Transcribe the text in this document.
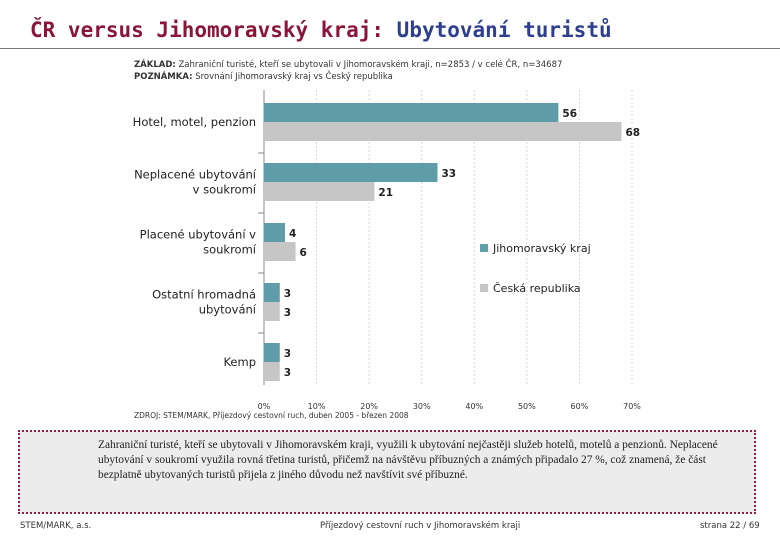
ČR versus Jihomoravský kraj: Ubytování turistů
ZÁKLAD: Zahraniční turisté, kteří se ubytovali v Jihomoravském kraji, n=2853 / v celé ČR, n=34687
POZNÁMKA: Srovnání Jihomoravský kraj vs Český republika
0%	10%	20%	30%	40%	50%	60%	70%
56
68
Hotel, motel, penzion
33
21
Neplacené ubytování
v soukromí
4
6
Placené ubytování v
soukromí
3
3
Ostatní hromadná
ubytování
3
3
Kemp
Jihomoravský kraj
Česká republika
ZDROJ: STEM/MARK, Příjezdový cestovní ruch, duben 2005 - březen 2008
Zahraniční turisté, kteří se ubytovali v Jihomoravském kraji, využili k ubytování nejčastěji služeb hotelů, motelů a penzionů. Neplacené ubytování v soukromí využila rovná třetina turistů, přičemž na návštěvu příbuzných a známých připadalo 27 %, což znamená, že část bezplatně ubytovaných turistů přijela z jiného důvodu než navštívit své příbuzné.
STEM/MARK, a.s.	Příjezdový cestovní ruch v Jihomoravském kraji	strana 22 / 69
